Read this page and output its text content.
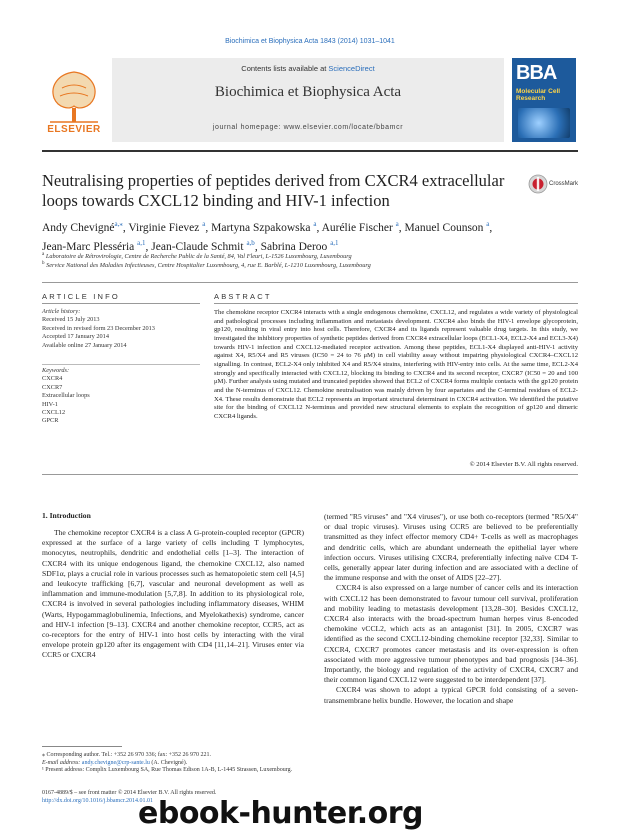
Biochimica et Biophysica Acta 1843 (2014) 1031–1041
ELSEVIER
Contents lists available at ScienceDirect
Biochimica et Biophysica Acta
journal homepage: www.elsevier.com/locate/bbamcr
BBA
Molecular Cell Research
Neutralising properties of peptides derived from CXCR4 extracellular loops towards CXCL12 binding and HIV-1 infection
CrossMark
Andy Chevigné$^{a,⁎}$, Virginie Fievez $^a$, Martyna Szpakowska $^a$, Aurélie Fischer $^a$, Manuel Counson $^a$,
Jean-Marc Plesséria $^{a,1}$, Jean-Claude Schmit $^{a,b}$, Sabrina Deroo $^{a,1}$
$^a$ Laboratoire de Rétrovirologie, Centre de Recherche Public de la Santé, 84, Val Fleuri, L-1526 Luxembourg, Luxembourg
$^b$ Service National des Maladies Infectieuses, Centre Hospitalier Luxembourg, 4, rue E. Barblé, L-1210 Luxembourg, Luxembourg
ARTICLE INFO	ABSTRACT
Article history:
Received 15 July 2013
Received in revised form 23 December 2013
Accepted 17 January 2014
Available online 27 January 2014
Keywords:
CXCR4
CXCR7
Extracellular loops
HIV-1
CXCL12
GPCR
The chemokine receptor CXCR4 interacts with a single endogenous chemokine, CXCL12, and regulates a wide variety of physiological and pathological processes including inflammation and metastasis development. CXCR4 also binds the HIV-1 envelope glycoprotein, gp120, resulting in viral entry into host cells. Therefore, CXCR4 and its ligands represent valuable drug targets. In this study, we investigated the inhibitory properties of synthetic peptides derived from CXCR4 extracellular loops (ECL1-X4, ECL2-X4 and ECL3-X4) towards HIV-1 infection and CXCL12-mediated receptor activation. Among these peptides, ECL1-X4 displayed anti-HIV-1 activity against X4, R5/X4 and R5 viruses (IC50 = 24 to 76 μM) in cell viability assay without impairing physiological CXCR4–CXCL12 signalling. In contrast, ECL2-X4 only inhibited X4 and R5/X4 strains, interfering with HIV-entry into cells. At the same time, ECL2-X4 strongly and specifically interacted with CXCL12, blocking its binding to CXCR4 and its second receptor, CXCR7 (IC50 = 20 and 100 μM). Further analysis using mutated and truncated peptides showed that ECL2 of CXCR4 forms multiple contacts with the gp120 protein and the N-terminus of CXCL12. Chemokine neutralisation was mainly driven by four aspartates and the C-terminal residues of ECL2-X4. These results demonstrate that ECL2 represents an important structural determinant in CXCR4 activation. We identified the putative site for the binding of CXCL12 N-terminus and provided new structural elements to explain the recognition of gp120 and dimeric CXCR4 ligands.
© 2014 Elsevier B.V. All rights reserved.
1. Introduction

The chemokine receptor CXCR4 is a class A G-protein-coupled receptor (GPCR) expressed at the surface of a large variety of cells including T lymphocytes, monocytes, neutrophils, dendritic and endothelial cells [1–3]. The interaction of CXCR4 with its unique endogenous ligand, the chemokine CXCL12, also named SDF1α, plays a crucial role in various processes such as hematopoietic stem cell [4,5] and leukocyte trafficking [6,7], vascular and neuronal development as well as inflammation and immune-modulation [5,7,8]. In addition to its physiological role, CXCR4 is involved in several pathologies including inflammatory diseases, WHIM (Warts, Hypogammaglobulinemia, Infections, and Myelokathexis) syndrome, cancer and HIV-1 infection [9–13]. CXCR4 and another chemokine receptor, CCR5, act as co-receptors for the entry of HIV-1 into host cells by interacting with the viral envelope protein gp120 after its engagement with CD4 [11,14–21]. Viruses enter via CCR5 or CXCR4

(termed "R5 viruses" and "X4 viruses"), or use both co-receptors (termed "R5/X4" or dual tropic viruses). Viruses using CCR5 are believed to be preferentially transmitted as they infect effector memory CD4+ T-cells as well as macrophages and dendritic cells, which are abundant underneath the epithelial layer where infection occurs. Viruses utilising CXCR4, preferentially infecting naïve CD4 T-cells, generally appear later during infection and are associated with a decline of the immune response and with the onset of AIDS [22–27].

CXCR4 is also expressed on a large number of cancer cells and its interaction with CXCL12 has been demonstrated to favour tumour cell survival, proliferation and mobility leading to metastasis development [13,28–30]. Besides CXCL12, CXCR4 also interacts with the broad-spectrum human herpes virus 8-encoded chemokine vCCL2, which acts as an antagonist [31]. In 2005, CXCR7 was identified as the second CXCL12-binding chemokine receptor [32,33]. Similar to CXCR4, CXCR7 promotes cancer metastasis and its over-expression is often associated with more aggressive tumour phenotypes and bad prognosis [34–36]. Importantly, the biology and regulation of the activity of CXCR4, CXCR7 and their common ligand CXCL12 were suggested to be interdependent [37].

CXCR4 was shown to adopt a typical GPCR fold consisting of a seven-transmembrane helix bundle. However, the location and shape

⁎ Corresponding author. Tel.: +352 26 970 336; fax: +352 26 970 221.
E-mail address: andy.chevigne@crp-sante.lu (A. Chevigné).
¹ Present address: Complix Luxembourg SA, Rue Thomas Edison 1A-B, L-1445 Strassen, Luxembourg.
0167-4889/$ – see front matter © 2014 Elsevier B.V. All rights reserved.
http://dx.doi.org/10.1016/j.bbamcr.2014.01.01
ebook-hunter.org
